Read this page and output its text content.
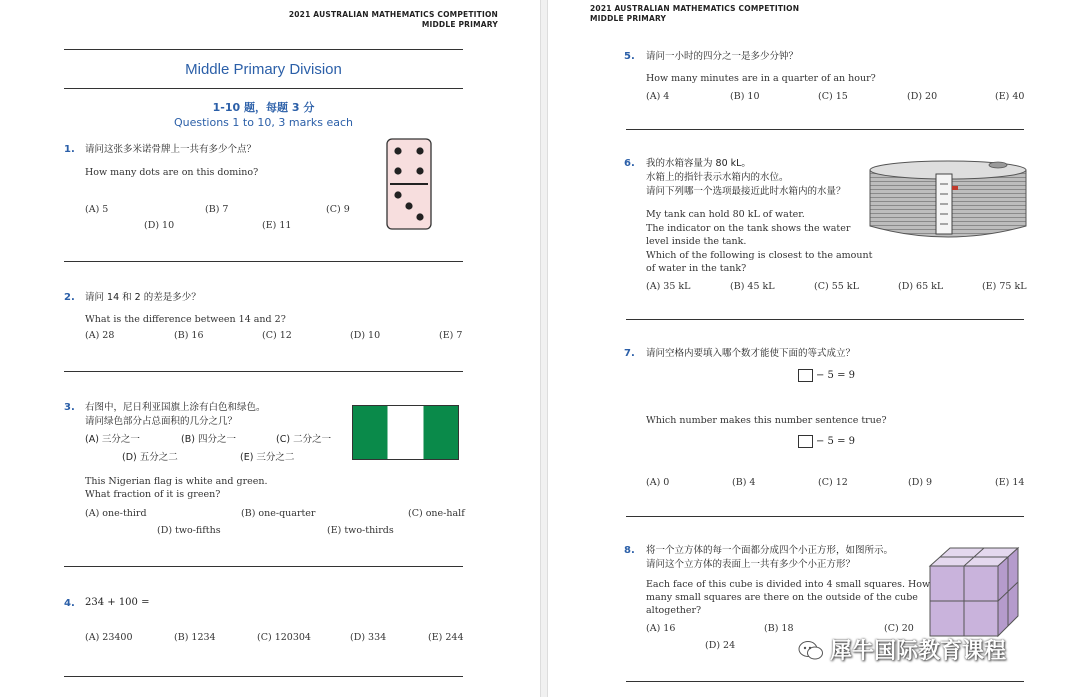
2021 AUSTRALIAN MATHEMATICS COMPETITION
MIDDLE PRIMARY
Middle Primary Division
1-10 题，每题 3 分
Questions 1 to 10, 3 marks each
1. 请问这张多米诺骨牌上一共有多少个点？
How many dots are on this domino?
(A) 5	(B) 7	(C) 9
(D) 10	(E) 11
2. 请问 14 和 2 的差是多少？
What is the difference between 14 and 2?
(A) 28	(B) 16	(C) 12	(D) 10	(E) 7
3. 右图中，尼日利亚国旗上涂有白色和绿色。
请问绿色部分占总面积的几分之几？
(A) 三分之一	(B) 四分之一	(C) 二分之一
(D) 五分之二	(E) 三分之二
This Nigerian flag is white and green.
What fraction of it is green?
(A) one-third	(B) one-quarter	(C) one-half
(D) two-fifths	(E) two-thirds
4. 234 + 100 =
(A) 23400	(B) 1234	(C) 120304	(D) 334	(E) 244
2021 AUSTRALIAN MATHEMATICS COMPETITION
MIDDLE PRIMARY
5. 请问一小时的四分之一是多少分钟？
How many minutes are in a quarter of an hour?
(A) 4	(B) 10	(C) 15	(D) 20	(E) 40
6. 我的水箱容量为 80 kL。
水箱上的指针表示水箱内的水位。
请问下列哪一个选项最接近此时水箱内的水量？
My tank can hold 80 kL of water.
The indicator on the tank shows the water
level inside the tank.
Which of the following is closest to the amount
of water in the tank?
(A) 35 kL	(B) 45 kL	(C) 55 kL	(D) 65 kL	(E) 75 kL
7. 请问空格内要填入哪个数才能使下面的等式成立？
− 5 = 9
Which number makes this number sentence true?
− 5 = 9
(A) 0	(B) 4	(C) 12	(D) 9	(E) 14
8. 将一个立方体的每一个面都分成四个小正方形，如图所示。
请问这个立方体的表面上一共有多少个小正方形？
Each face of this cube is divided into 4 small squares. How
many small squares are there on the outside of the cube
altogether?
(A) 16	(B) 18	(C) 20
(D) 24	犀牛国际教育课程
